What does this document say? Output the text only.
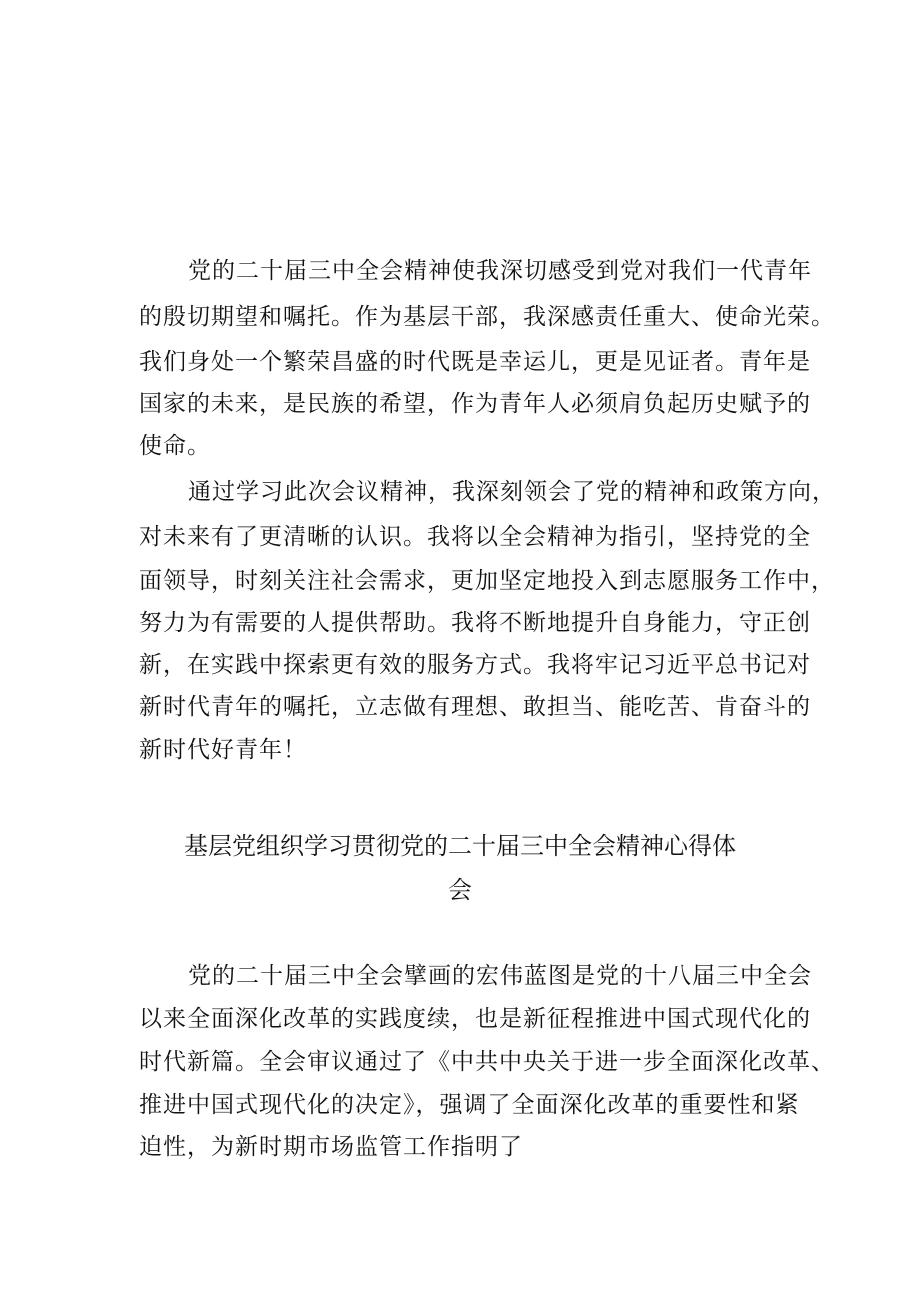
党的二十届三中全会精神使我深切感受到党对我们一代青年

的殷切期望和嘱托。作为基层干部，我深感责任重大、使命光荣。

我们身处一个繁荣昌盛的时代既是幸运儿，更是见证者。青年是

国家的未来，是民族的希望，作为青年人必须肩负起历史赋予的

使命。

通过学习此次会议精神，我深刻领会了党的精神和政策方向，

对未来有了更清晰的认识。我将以全会精神为指引，坚持党的全

面领导，时刻关注社会需求，更加坚定地投入到志愿服务工作中，

努力为有需要的人提供帮助。我将不断地提升自身能力，守正创

新，在实践中探索更有效的服务方式。我将牢记习近平总书记对

新时代青年的嘱托，立志做有理想、敢担当、能吃苦、肯奋斗的

新时代好青年！

基层党组织学习贯彻党的二十届三中全会精神心得体

会

党的二十届三中全会擘画的宏伟蓝图是党的十八届三中全会

以来全面深化改革的实践度续，也是新征程推进中国式现代化的

时代新篇。全会审议通过了《中共中央关于进一步全面深化改革、

推进中国式现代化的决定》，强调了全面深化改革的重要性和紧

迫性，为新时期市场监管工作指明了
